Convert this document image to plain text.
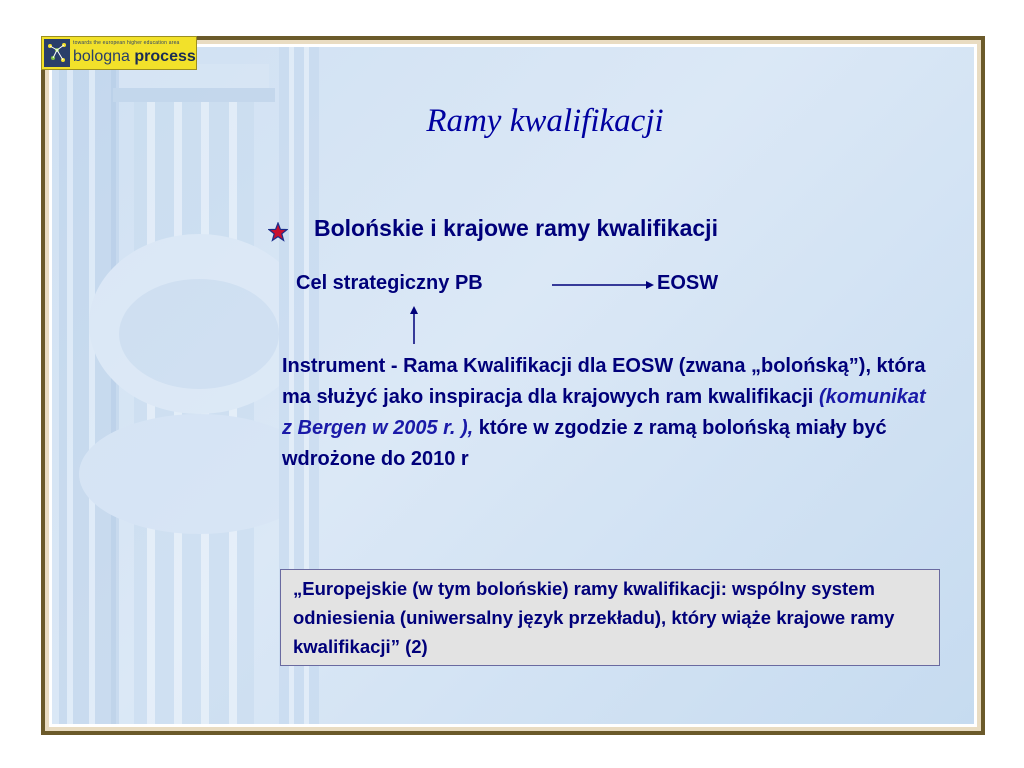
towards the european higher education area
bologna process
Ramy kwalifikacji
Bolońskie i krajowe ramy kwalifikacji
Cel strategiczny PB	EOSW
Instrument - Rama Kwalifikacji dla EOSW (zwana „bolońską”), która ma służyć jako inspiracja dla krajowych ram kwalifikacji (komunikat z Bergen w 2005 r. ), które w zgodzie z ramą bolońską miały być wdrożone do 2010 r
„Europejskie (w tym bolońskie) ramy kwalifikacji: wspólny system odniesienia (uniwersalny język przekładu), który wiąże krajowe ramy kwalifikacji” (2)
